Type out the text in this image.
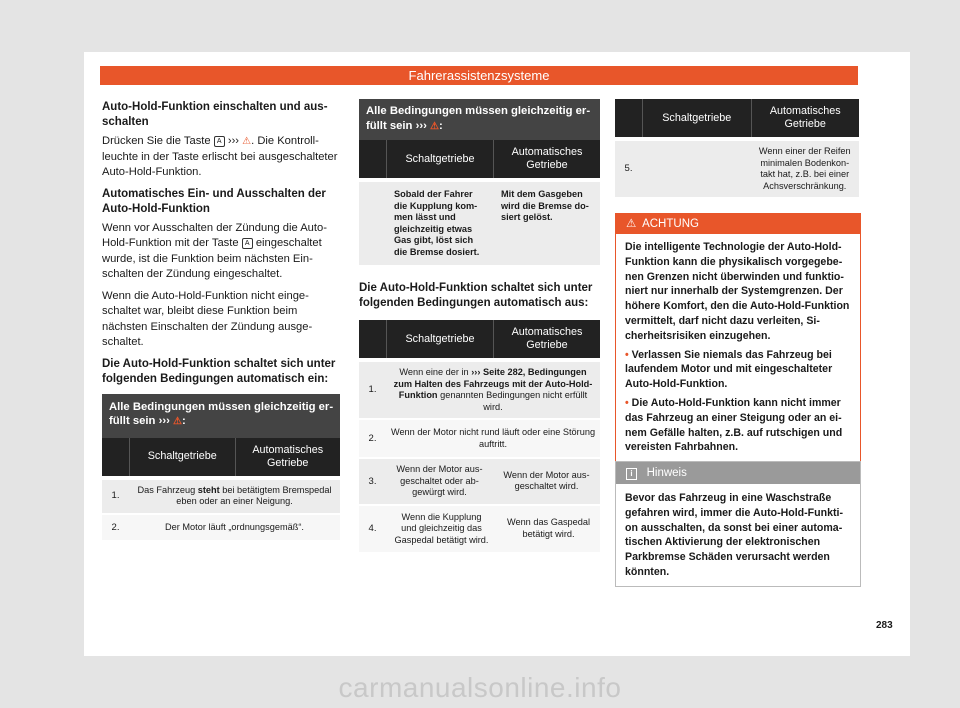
Fahrerassistenzsysteme
Auto-Hold-Funktion einschalten und ausschalten

Drücken Sie die Taste A ››› ⚠. Die Kontrollleuchte in der Taste erlischt bei ausgeschalteter Auto-Hold-Funktion.

Automatisches Ein- und Ausschalten der Auto-Hold-Funktion

Wenn vor Ausschalten der Zündung die Auto-Hold-Funktion mit der Taste A eingeschaltet wurde, ist die Funktion beim nächsten Einschalten der Zündung eingeschaltet.

Wenn die Auto-Hold-Funktion nicht eingeschaltet war, bleibt diese Funktion beim nächsten Einschalten der Zündung ausgeschaltet.

Die Auto-Hold-Funktion schaltet sich unter folgenden Bedingungen automatisch ein:
Alle Bedingungen müssen gleichzeitig erfüllt sein ››› ⚠:
Schaltgetriebe
Automatisches Getriebe
1.
Das Fahrzeug steht bei betätigtem Bremspedal eben oder an einer Neigung.
2.	Der Motor läuft „ordnungsgemäß“.
Alle Bedingungen müssen gleichzeitig erfüllt sein ››› ⚠:
Schaltgetriebe
Automatisches Getriebe
Sobald der Fahrer die Kupplung kommen lässt und gleichzeitig etwas Gas gibt, löst sich die Bremse dosiert.
Mit dem Gasgeben wird die Bremse dosiert gelöst.
Die Auto-Hold-Funktion schaltet sich unter folgenden Bedingungen automatisch aus:
Schaltgetriebe
Automatisches Getriebe
1.
Wenn eine der in ››› Seite 282, Bedingungen zum Halten des Fahrzeugs mit der Auto-Hold-Funktion genannten Bedingungen nicht erfüllt wird.
2.
Wenn der Motor nicht rund läuft oder eine Störung auftritt.
3.
Wenn der Motor ausgeschaltet oder abgewürgt wird.
Wenn der Motor ausgeschaltet wird.
4.
Wenn die Kupplung und gleichzeitig das Gaspedal betätigt wird.
Wenn das Gaspedal betätigt wird.
Schaltgetriebe
Automatisches Getriebe
5.
Wenn einer der Reifen minimalen Bodenkontakt hat, z.B. bei einer Achsverschränkung.
⚠ ACHTUNG

Die intelligente Technologie der Auto-Hold-Funktion kann die physikalisch vorgegebenen Grenzen nicht überwinden und funktioniert nur innerhalb der Systemgrenzen. Der höhere Komfort, den die Auto-Hold-Funktion vermittelt, darf nicht dazu verleiten, Sicherheitsrisiken einzugehen.

• Verlassen Sie niemals das Fahrzeug bei laufendem Motor und mit eingeschalteter Auto-Hold-Funktion.

• Die Auto-Hold-Funktion kann nicht immer das Fahrzeug an einer Steigung oder an einem Gefälle halten, z.B. auf rutschigen und vereisten Fahrbahnen.

i Hinweis
Bevor das Fahrzeug in eine Waschstraße gefahren wird, immer die Auto-Hold-Funktion ausschalten, da sonst bei einer automatischen Aktivierung der elektronischen Parkbremse Schäden verursacht werden könnten.
283
carmanualsonline.info
